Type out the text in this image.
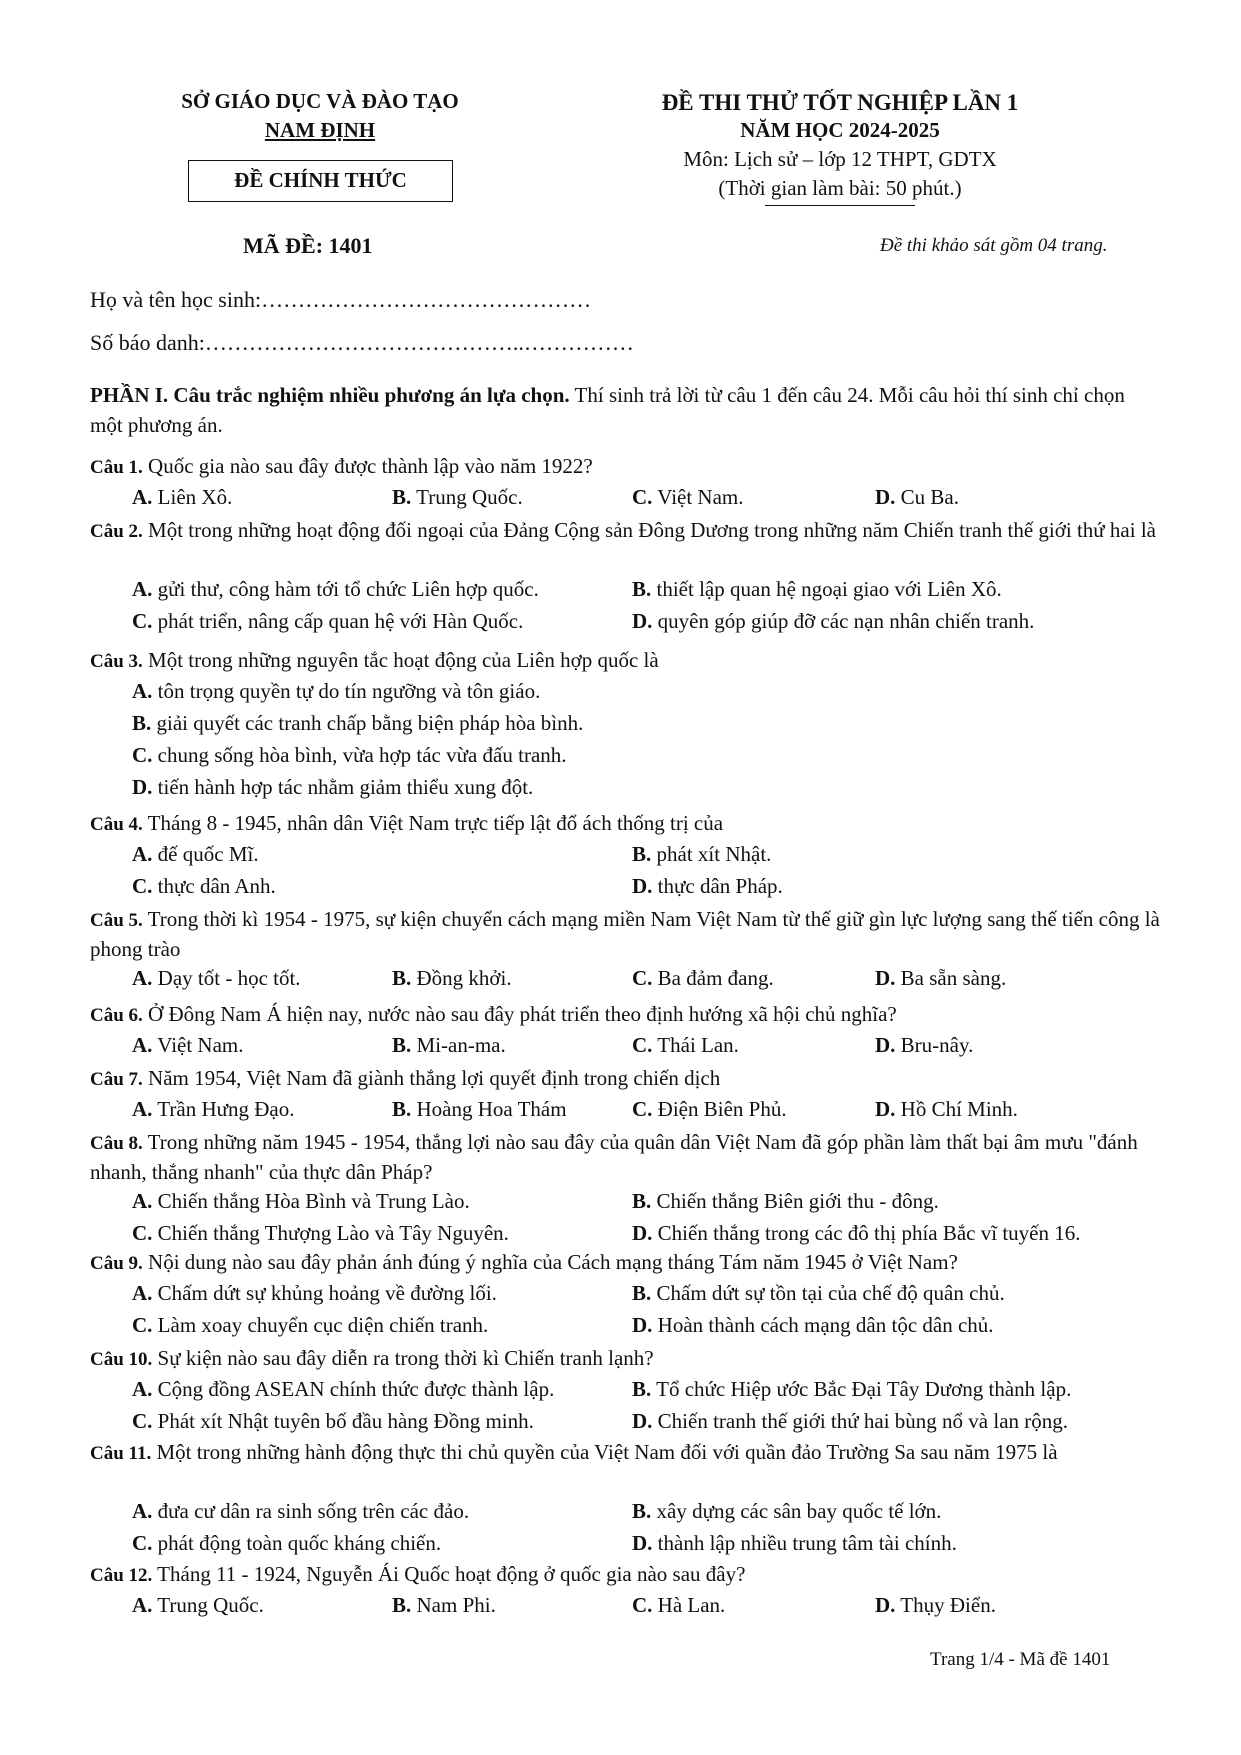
SỞ GIÁO DỤC VÀ ĐÀO TẠO
NAM ĐỊNH
ĐỀ CHÍNH THỨC
ĐỀ THI THỬ TỐT NGHIỆP LẦN 1
NĂM HỌC 2024-2025
Môn: Lịch sử – lớp 12 THPT, GDTX
(Thời gian làm bài: 50 phút.)
MÃ ĐỀ: 1401	Đề thi khảo sát gồm 04 trang.
Họ và tên học sinh:………………………………………
Số báo danh:……………………………………..……………
PHẦN I. Câu trắc nghiệm nhiều phương án lựa chọn. Thí sinh trả lời từ câu 1 đến câu 24. Mỗi câu hỏi thí sinh chỉ chọn một phương án.
Câu 1. Quốc gia nào sau đây được thành lập vào năm 1922?
A. Liên Xô.	B. Trung Quốc.	C. Việt Nam.	D. Cu Ba.
Câu 2. Một trong những hoạt động đối ngoại của Đảng Cộng sản Đông Dương trong những năm Chiến tranh thế giới thứ hai là
A. gửi thư, công hàm tới tổ chức Liên hợp quốc.	B. thiết lập quan hệ ngoại giao với Liên Xô.
C. phát triển, nâng cấp quan hệ với Hàn Quốc.	D. quyên góp giúp đỡ các nạn nhân chiến tranh.
Câu 3. Một trong những nguyên tắc hoạt động của Liên hợp quốc là
A. tôn trọng quyền tự do tín ngưỡng và tôn giáo.
B. giải quyết các tranh chấp bằng biện pháp hòa bình.
C. chung sống hòa bình, vừa hợp tác vừa đấu tranh.
D. tiến hành hợp tác nhằm giảm thiểu xung đột.
Câu 4. Tháng 8 - 1945, nhân dân Việt Nam trực tiếp lật đổ ách thống trị của
A. đế quốc Mĩ.	B. phát xít Nhật.
C. thực dân Anh.	D. thực dân Pháp.
Câu 5. Trong thời kì 1954 - 1975, sự kiện chuyển cách mạng miền Nam Việt Nam từ thế giữ gìn lực lượng sang thế tiến công là phong trào
A. Dạy tốt - học tốt.	B. Đồng khởi.	C. Ba đảm đang.	D. Ba sẵn sàng.
Câu 6. Ở Đông Nam Á hiện nay, nước nào sau đây phát triển theo định hướng xã hội chủ nghĩa?
A. Việt Nam.	B. Mi-an-ma.	C. Thái Lan.	D. Bru-nây.
Câu 7. Năm 1954, Việt Nam đã giành thắng lợi quyết định trong chiến dịch
A. Trần Hưng Đạo.	B. Hoàng Hoa Thám	C. Điện Biên Phủ.	D. Hồ Chí Minh.
Câu 8. Trong những năm 1945 - 1954, thắng lợi nào sau đây của quân dân Việt Nam đã góp phần làm thất bại âm mưu "đánh nhanh, thắng nhanh" của thực dân Pháp?
A. Chiến thắng Hòa Bình và Trung Lào.	B. Chiến thắng Biên giới thu - đông.
C. Chiến thắng Thượng Lào và Tây Nguyên.	D. Chiến thắng trong các đô thị phía Bắc vĩ tuyến 16.
Câu 9. Nội dung nào sau đây phản ánh đúng ý nghĩa của Cách mạng tháng Tám năm 1945 ở Việt Nam?
A. Chấm dứt sự khủng hoảng về đường lối.	B. Chấm dứt sự tồn tại của chế độ quân chủ.
C. Làm xoay chuyển cục diện chiến tranh.	D. Hoàn thành cách mạng dân tộc dân chủ.
Câu 10. Sự kiện nào sau đây diễn ra trong thời kì Chiến tranh lạnh?
A. Cộng đồng ASEAN chính thức được thành lập.	B. Tổ chức Hiệp ước Bắc Đại Tây Dương thành lập.
C. Phát xít Nhật tuyên bố đầu hàng Đồng minh.	D. Chiến tranh thế giới thứ hai bùng nổ và lan rộng.
Câu 11. Một trong những hành động thực thi chủ quyền của Việt Nam đối với quần đảo Trường Sa sau năm 1975 là
A. đưa cư dân ra sinh sống trên các đảo.	B. xây dựng các sân bay quốc tế lớn.
C. phát động toàn quốc kháng chiến.	D. thành lập nhiều trung tâm tài chính.
Câu 12. Tháng 11 - 1924, Nguyễn Ái Quốc hoạt động ở quốc gia nào sau đây?
A. Trung Quốc.	B. Nam Phi.	C. Hà Lan.	D. Thụy Điển.
Trang 1/4 - Mã đề 1401
